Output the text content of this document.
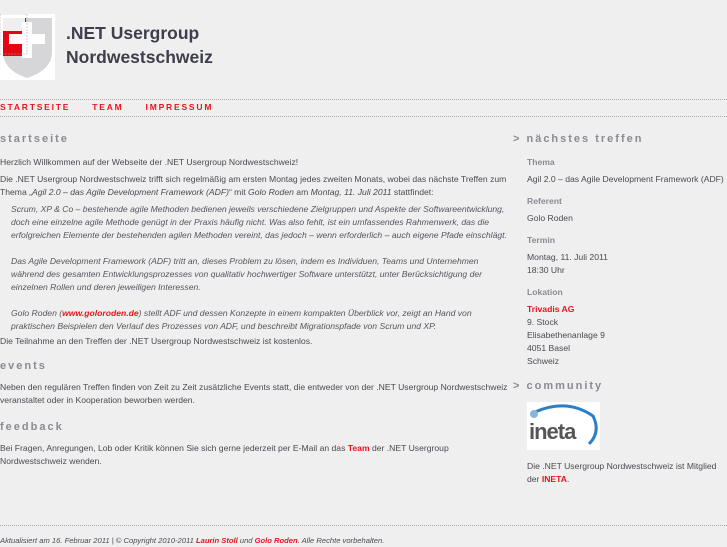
.NET Usergroup
Nordwestschweiz
STARTSEITE	TEAM	IMPRESSUM
startseite

Herzlich Willkommen auf der Webseite der .NET Usergroup Nordwestschweiz!

Die .NET Usergroup Nordwestschweiz trifft sich regelmäßig am ersten Montag jedes zweiten Monats, wobei das nächste Treffen zum Thema „Agil 2.0 – das Agile Development Framework (ADF)“ mit Golo Roden am Montag, 11. Juli 2011 stattfindet:

Scrum, XP & Co – bestehende agile Methoden bedienen jeweils verschiedene Zielgruppen und Aspekte der Softwareentwicklung, doch eine einzelne agile Methode genügt in der Praxis häufig nicht. Was also fehlt, ist ein umfassendes Rahmenwerk, das die erfolgreichen Elemente der bestehenden agilen Methoden vereint, das jedoch – wenn erforderlich – auch eigene Pfade einschlägt.

Das Agile Development Framework (ADF) tritt an, dieses Problem zu lösen, indem es Individuen, Teams und Unternehmen während des gesamten Entwicklungsprozesses von qualitativ hochwertiger Software unterstützt, unter Berücksichtigung der einzelnen Rollen und deren jeweiligen Interessen.

Golo Roden (www.goloroden.de) stellt ADF und dessen Konzepte in einem kompakten Überblick vor, zeigt an Hand von praktischen Beispielen den Verlauf des Prozesses von ADF, und beschreibt Migrationspfade von Scrum und XP.

Die Teilnahme an den Treffen der .NET Usergroup Nordwestschweiz ist kostenlos.

events

Neben den regulären Treffen finden von Zeit zu Zeit zusätzliche Events statt, die entweder von der .NET Usergroup Nordwestschweiz veranstaltet oder in Kooperation beworben werden.

feedback

Bei Fragen, Anregungen, Lob oder Kritik können Sie sich gerne jederzeit per E-Mail an das Team der .NET Usergroup Nordwestschweiz wenden.

> nächstes treffen
Thema

Agil 2.0 – das Agile Development Framework (ADF)

Referent

Golo Roden

Termin

Montag, 11. Juli 2011
18:30 Uhr

Lokation

Trivadis AG
9. Stock
Elisabethenanlage 9
4051 Basel
Schweiz

> community
ineta

Die .NET Usergroup Nordwestschweiz ist Mitglied der INETA.

Aktualisiert am 16. Februar 2011 | © Copyright 2010-2011 Laurin Stoll und Golo Roden. Alle Rechte vorbehalten.
